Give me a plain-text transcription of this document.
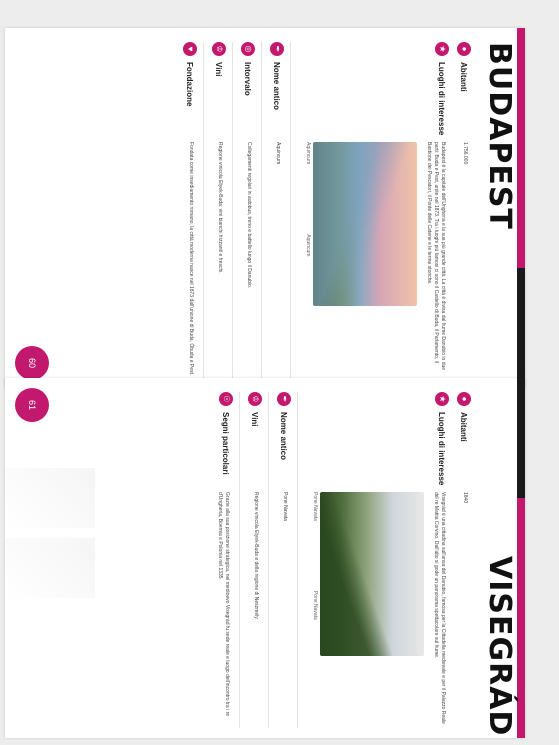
BUDAPEST
60
●
Abitanti
1.756.000
★
Luoghi di interesse
Budapest è la capitale dell'Ungheria e la sua più grande città. La città è divisa dal fiume Danubio in due parti: Buda e Pest, unite nel 1873. Tra i luoghi più famosi ci sono il Castello di Buda, il Parlamento, il Bastione dei Pescatori, il Ponte delle Catene e le terme storiche.
Aquincum
Aquincum
✒
Nome antico
Aquincum
◎
Intorvalo
Collegamenti regolari in autobus, treno e battello lungo il Danubio.
♔
Vini
Regione vinicola Etyek-Buda: vini bianchi frizzanti e freschi.
♥
Fondazione
Fondata come insediamento romano, la città moderna nasce nel 1873 dall'unione di Buda, Óbuda e Pest.
VISEGRÁD
61
●
Abitanti
1840
★
Luoghi di interesse
Visegrád è una cittadina sull'ansa del Danubio, famosa per la Cittadella medievale e per il Palazzo Reale del re Mattia Corvino. Dall'alto si gode un panorama spettacolare sul fiume.
Pone Navata
Pone Navata
✒
Nome antico
Pone Navata
♔
Vini
Regione vinicola Etyek-Buda e della regione di Neszmély.
☉
Segni particolari
Grazie alla sua posizione strategica, nel medioevo Visegrád fu sede reale e luogo dell'incontro tra i re d'Ungheria, Boemia e Polonia nel 1335.
